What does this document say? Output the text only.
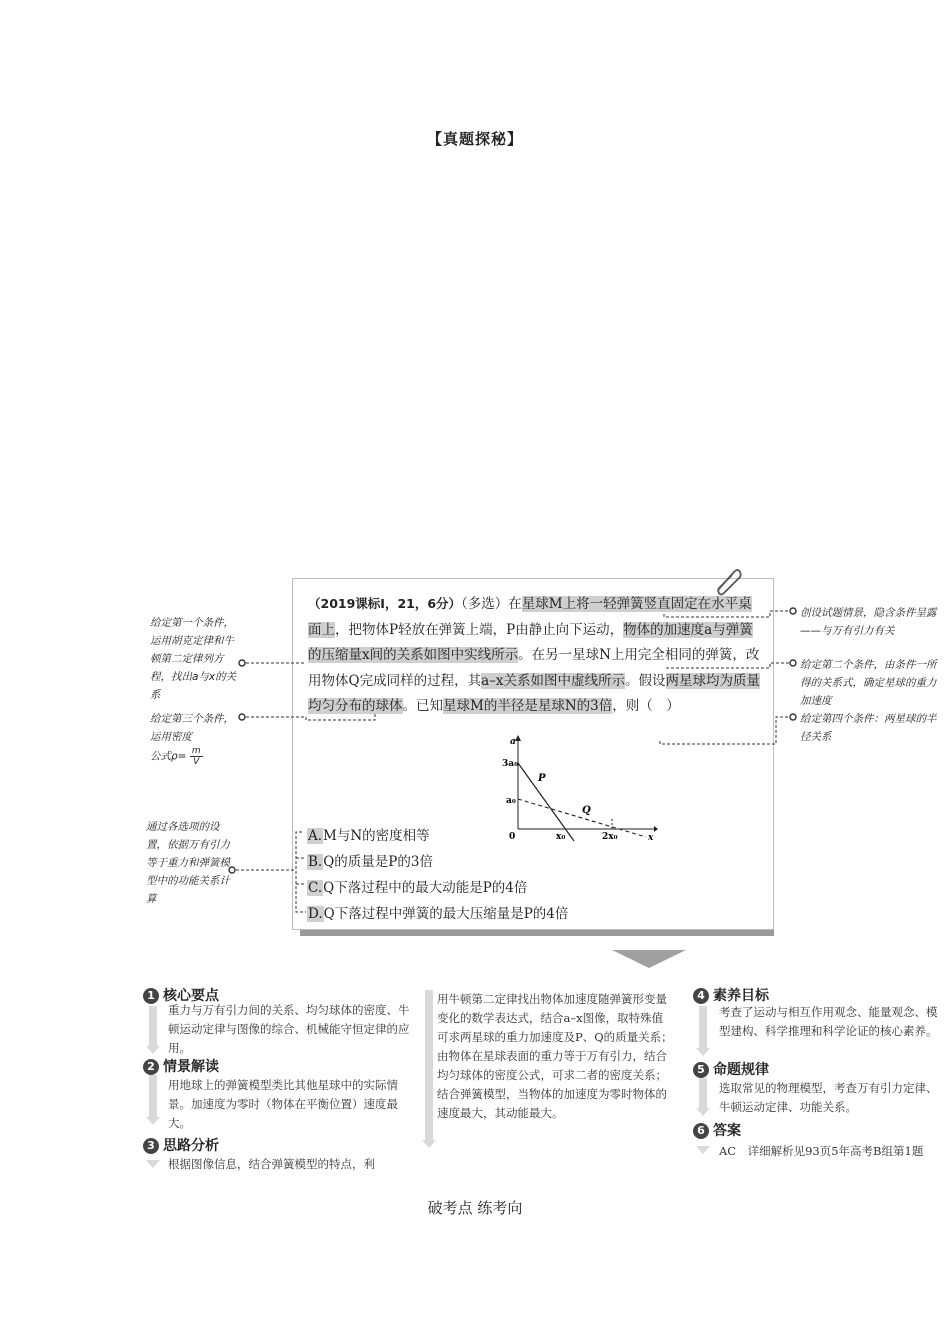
【真题探秘】
（2019课标Ⅰ，21，6分）（多选）在星球M上将一轻弹簧竖直固定在水平桌面上，把物体P轻放在弹簧上端，P由静止向下运动，物体的加速度a与弹簧的压缩量x间的关系如图中实线所示。在另一星球N上用完全相同的弹簧，改用物体Q完成同样的过程，其a–x关系如图中虚线所示。假设两星球均为质量均匀分布的球体。已知星球M的半径是星球N的3倍，则（　）
a
x
0
3a₀
a₀
x₀	2x₀
P
Q
A.M与N的密度相等
B.Q的质量是P的3倍
C.Q下落过程中的最大动能是P的4倍
D.Q下落过程中弹簧的最大压缩量是P的4倍
给定第一个条件，运用胡克定律和牛顿第二定律列方程，找出a与x的关系
给定第三个条件，运用密度
公式$\rho= \frac{m}{V}$
通过各选项的设置，依据万有引力等于重力和弹簧模型中的功能关系计算
创设试题情景，隐含条件呈露——与万有引力有关
给定第二个条件，由条件一所得的关系式，确定星球的重力加速度
给定第四个条件：两星球的半径关系
1 核心要点
重力与万有引力间的关系、均匀球体的密度、牛顿运动定律与图像的综合、机械能守恒定律的应用。
2 情景解读
用地球上的弹簧模型类比其他星球中的实际情景。加速度为零时（物体在平衡位置）速度最大。
3 思路分析
根据图像信息，结合弹簧模型的特点，利
用牛顿第二定律找出物体加速度随弹簧形变量变化的数学表达式，结合a–x图像，取特殊值可求两星球的重力加速度及P、Q的质量关系；由物体在星球表面的重力等于万有引力，结合均匀球体的密度公式，可求二者的密度关系；结合弹簧模型，当物体的加速度为零时物体的速度最大，其动能最大。
4 素养目标
考查了运动与相互作用观念、能量观念、模型建构、科学推理和科学论证的核心素养。
5 命题规律
选取常见的物理模型，考查万有引力定律、牛顿运动定律、功能关系。
6 答案
AC　详细解析见93页5年高考B组第1题
破考点 练考向
